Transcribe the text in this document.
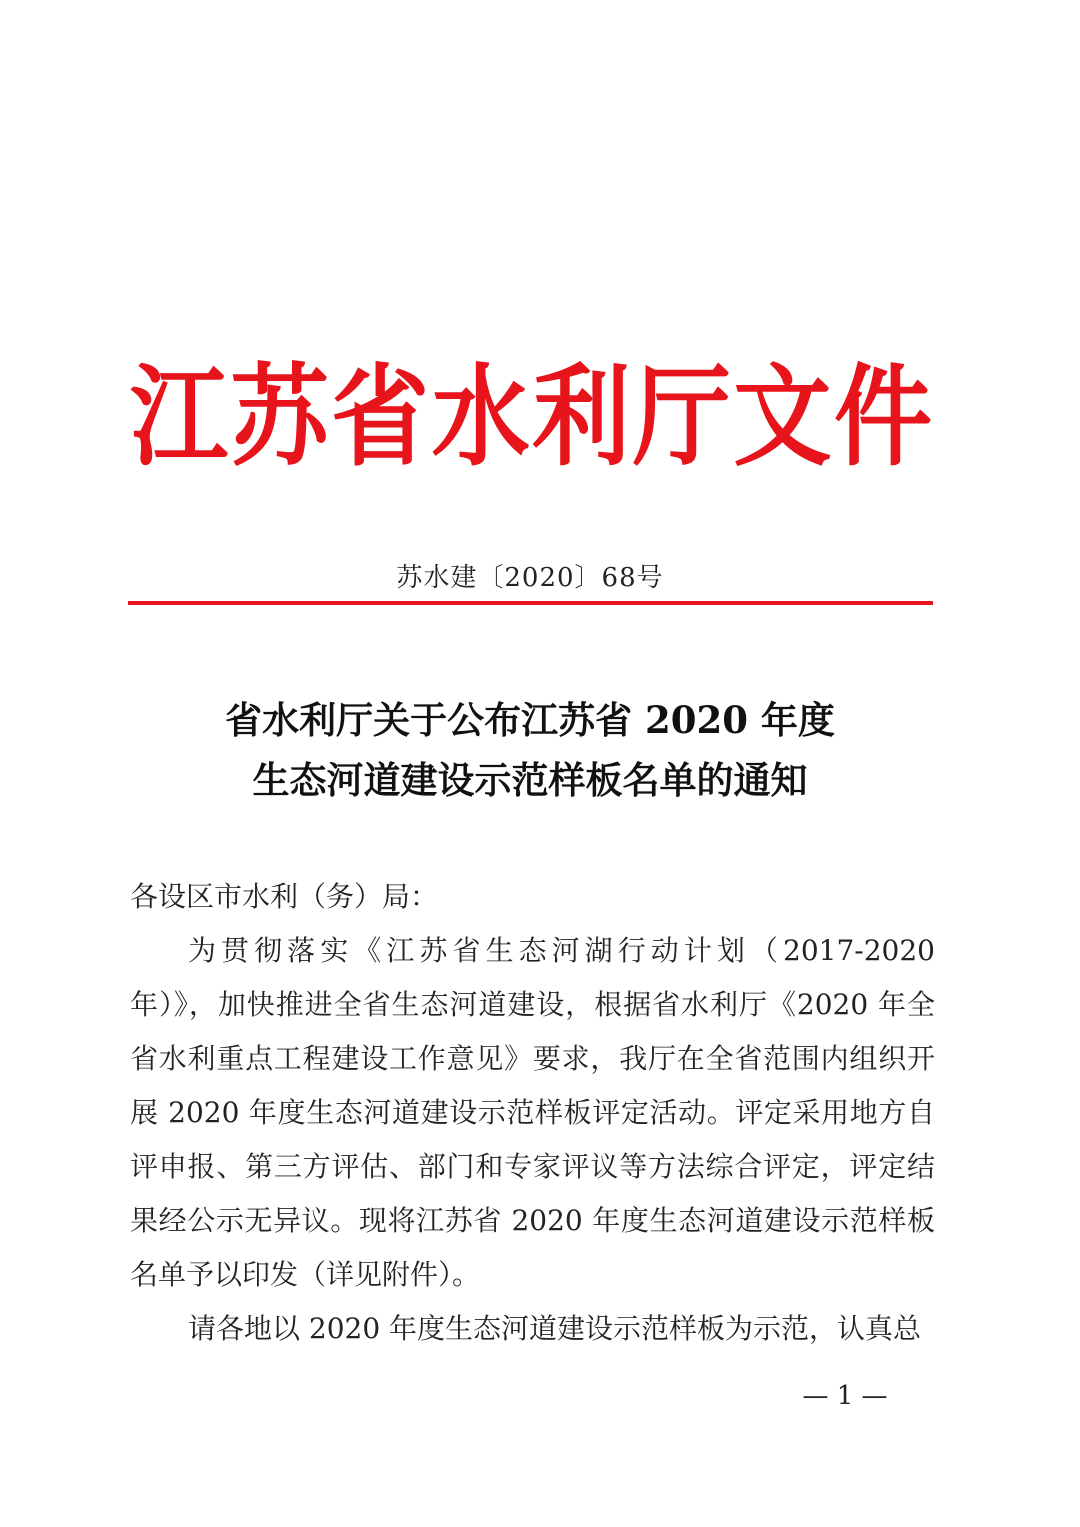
江 苏 省 水 利 厅 文 件
苏水建〔2020〕68号
省水利厅关于公布江苏省 2020 年度
生态河道建设示范样板名单的通知

各设区市水利（务）局：

为贯彻落实《江苏省生态河湖行动计划（2017-2020 年）》，加快推进全省生态河道建设，根据省水利厅《2020 年全省水利重点工程建设工作意见》要求，我厅在全省范围内组织开展 2020 年度生态河道建设示范样板评定活动。评定采用地方自评申报、第三方评估、部门和专家评议等方法综合评定，评定结果经公示无异议。现将江苏省 2020 年度生态河道建设示范样板名单予以印发（详见附件）。

请各地以 2020 年度生态河道建设示范样板为示范，认真总

— 1 —
